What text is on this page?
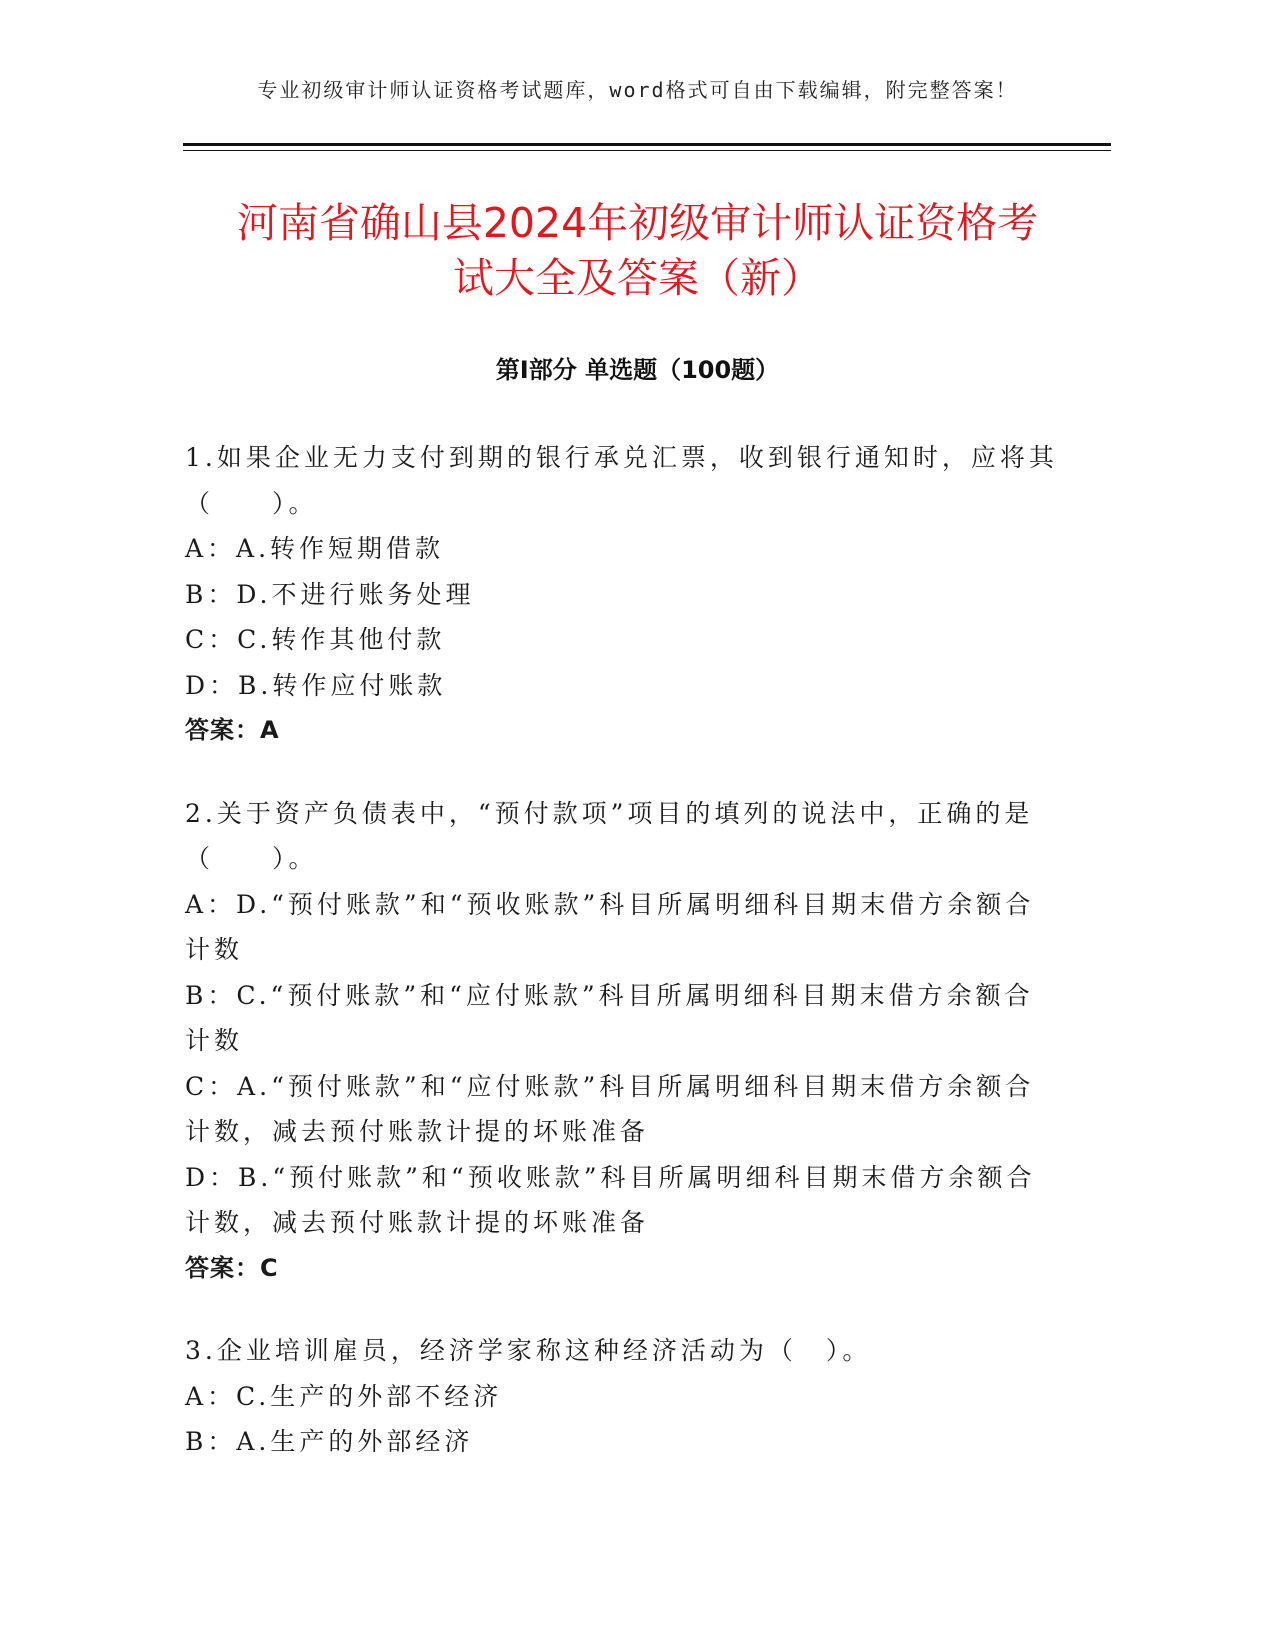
专业初级审计师认证资格考试题库，word格式可自由下载编辑，附完整答案！
河南省确山县2024年初级审计师认证资格考
试大全及答案（新）
第Ⅰ部分 单选题（100题）
1.如果企业无力支付到期的银行承兑汇票，收到银行通知时，应将其
（　　）。
A：A.转作短期借款
B：D.不进行账务处理
C：C.转作其他付款
D：B.转作应付账款
答案：A
2.关于资产负债表中，“预付款项”项目的填列的说法中，正确的是
（　　）。
A：D.“预付账款”和“预收账款”科目所属明细科目期末借方余额合
计数
B：C.“预付账款”和“应付账款”科目所属明细科目期末借方余额合
计数
C：A.“预付账款”和“应付账款”科目所属明细科目期末借方余额合
计数，减去预付账款计提的坏账准备
D：B.“预付账款”和“预收账款”科目所属明细科目期末借方余额合
计数，减去预付账款计提的坏账准备
答案：C
3.企业培训雇员，经济学家称这种经济活动为（　）。
A：C.生产的外部不经济
B：A.生产的外部经济
